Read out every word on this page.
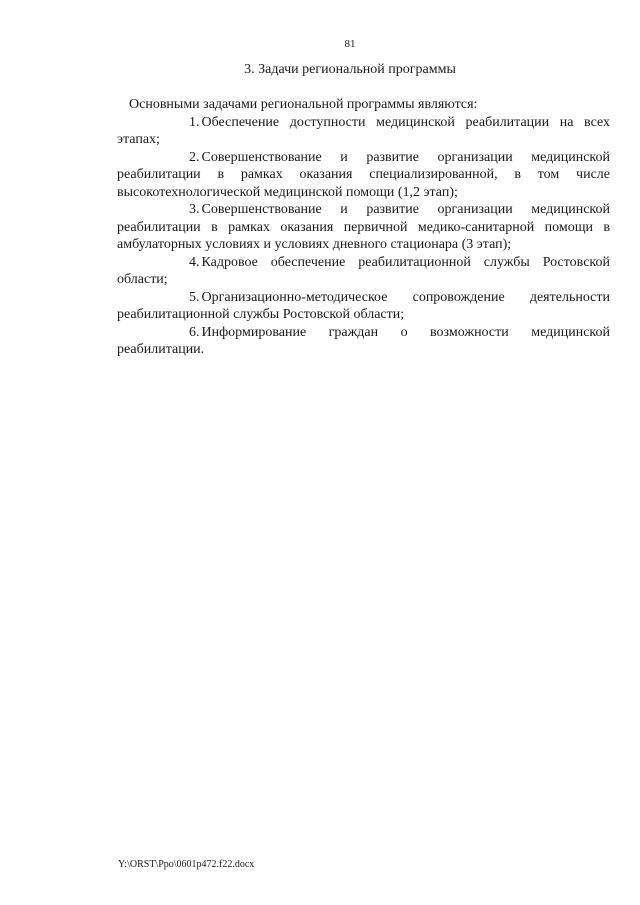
81
3. Задачи региональной программы

Основными задачами региональной программы являются:

1. Обеспечение доступности медицинской реабилитации на всех этапах;

2. Совершенствование и развитие организации медицинской реабилитации в рамках оказания специализированной, в том числе высокотехнологической медицинской помощи (1,2 этап);

3. Совершенствование и развитие организации медицинской реабилитации в рамках оказания первичной медико-санитарной помощи в амбулаторных условиях и условиях дневного стационара (3 этап);

4. Кадровое обеспечение реабилитационной службы Ростовской области;

5. Организационно-методическое сопровождение деятельности реабилитационной службы Ростовской области;

6. Информирование граждан о возможности медицинской реабилитации.

Y:\ORST\Ppo\0601p472.f22.docx
